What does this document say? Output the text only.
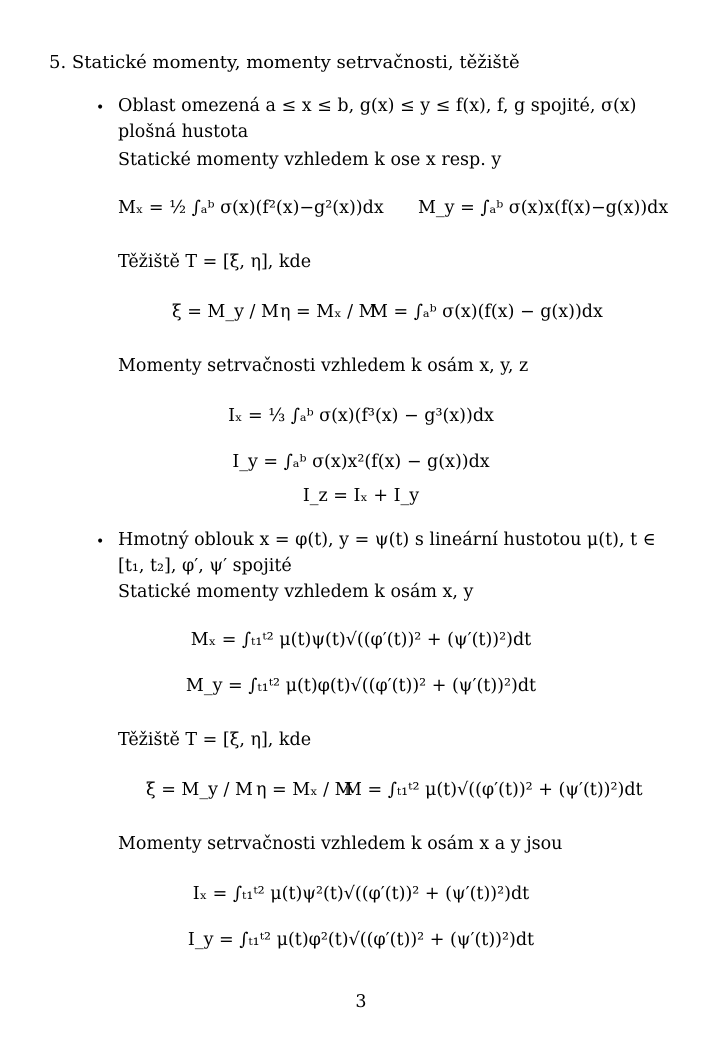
5. Statické momenty, momenty setrvačnosti, těžiště
• Oblast omezená a ≤ x ≤ b, g(x) ≤ y ≤ f(x), f, g spojité, σ(x)
plošná hustota
Statické momenty vzhledem k ose x resp. y
Mₓ = ½ ∫ₐᵇ σ(x)(f²(x)−g²(x))dx M_y = ∫ₐᵇ σ(x)x(f(x)−g(x))dx
Těžiště T = [ξ, η], kde
ξ = M_y / M η = Mₓ / M
M = ∫ₐᵇ σ(x)(f(x) − g(x))dx
Momenty setrvačnosti vzhledem k osám x, y, z
Iₓ = ⅓ ∫ₐᵇ σ(x)(f³(x) − g³(x))dx
I_y = ∫ₐᵇ σ(x)x²(f(x) − g(x))dx
I_z = Iₓ + I_y
• Hmotný oblouk x = φ(t), y = ψ(t) s lineární hustotou μ(t), t ∈
[t₁, t₂], φ′, ψ′ spojité
Statické momenty vzhledem k osám x, y
Mₓ = ∫ₜ₁ᵗ² μ(t)ψ(t)√((φ′(t))² + (ψ′(t))²)dt
M_y = ∫ₜ₁ᵗ² μ(t)φ(t)√((φ′(t))² + (ψ′(t))²)dt
Těžiště T = [ξ, η], kde
ξ = M_y / M η = Mₓ / M
M = ∫ₜ₁ᵗ² μ(t)√((φ′(t))² + (ψ′(t))²)dt
Momenty setrvačnosti vzhledem k osám x a y jsou
Iₓ = ∫ₜ₁ᵗ² μ(t)ψ²(t)√((φ′(t))² + (ψ′(t))²)dt
I_y = ∫ₜ₁ᵗ² μ(t)φ²(t)√((φ′(t))² + (ψ′(t))²)dt
3
